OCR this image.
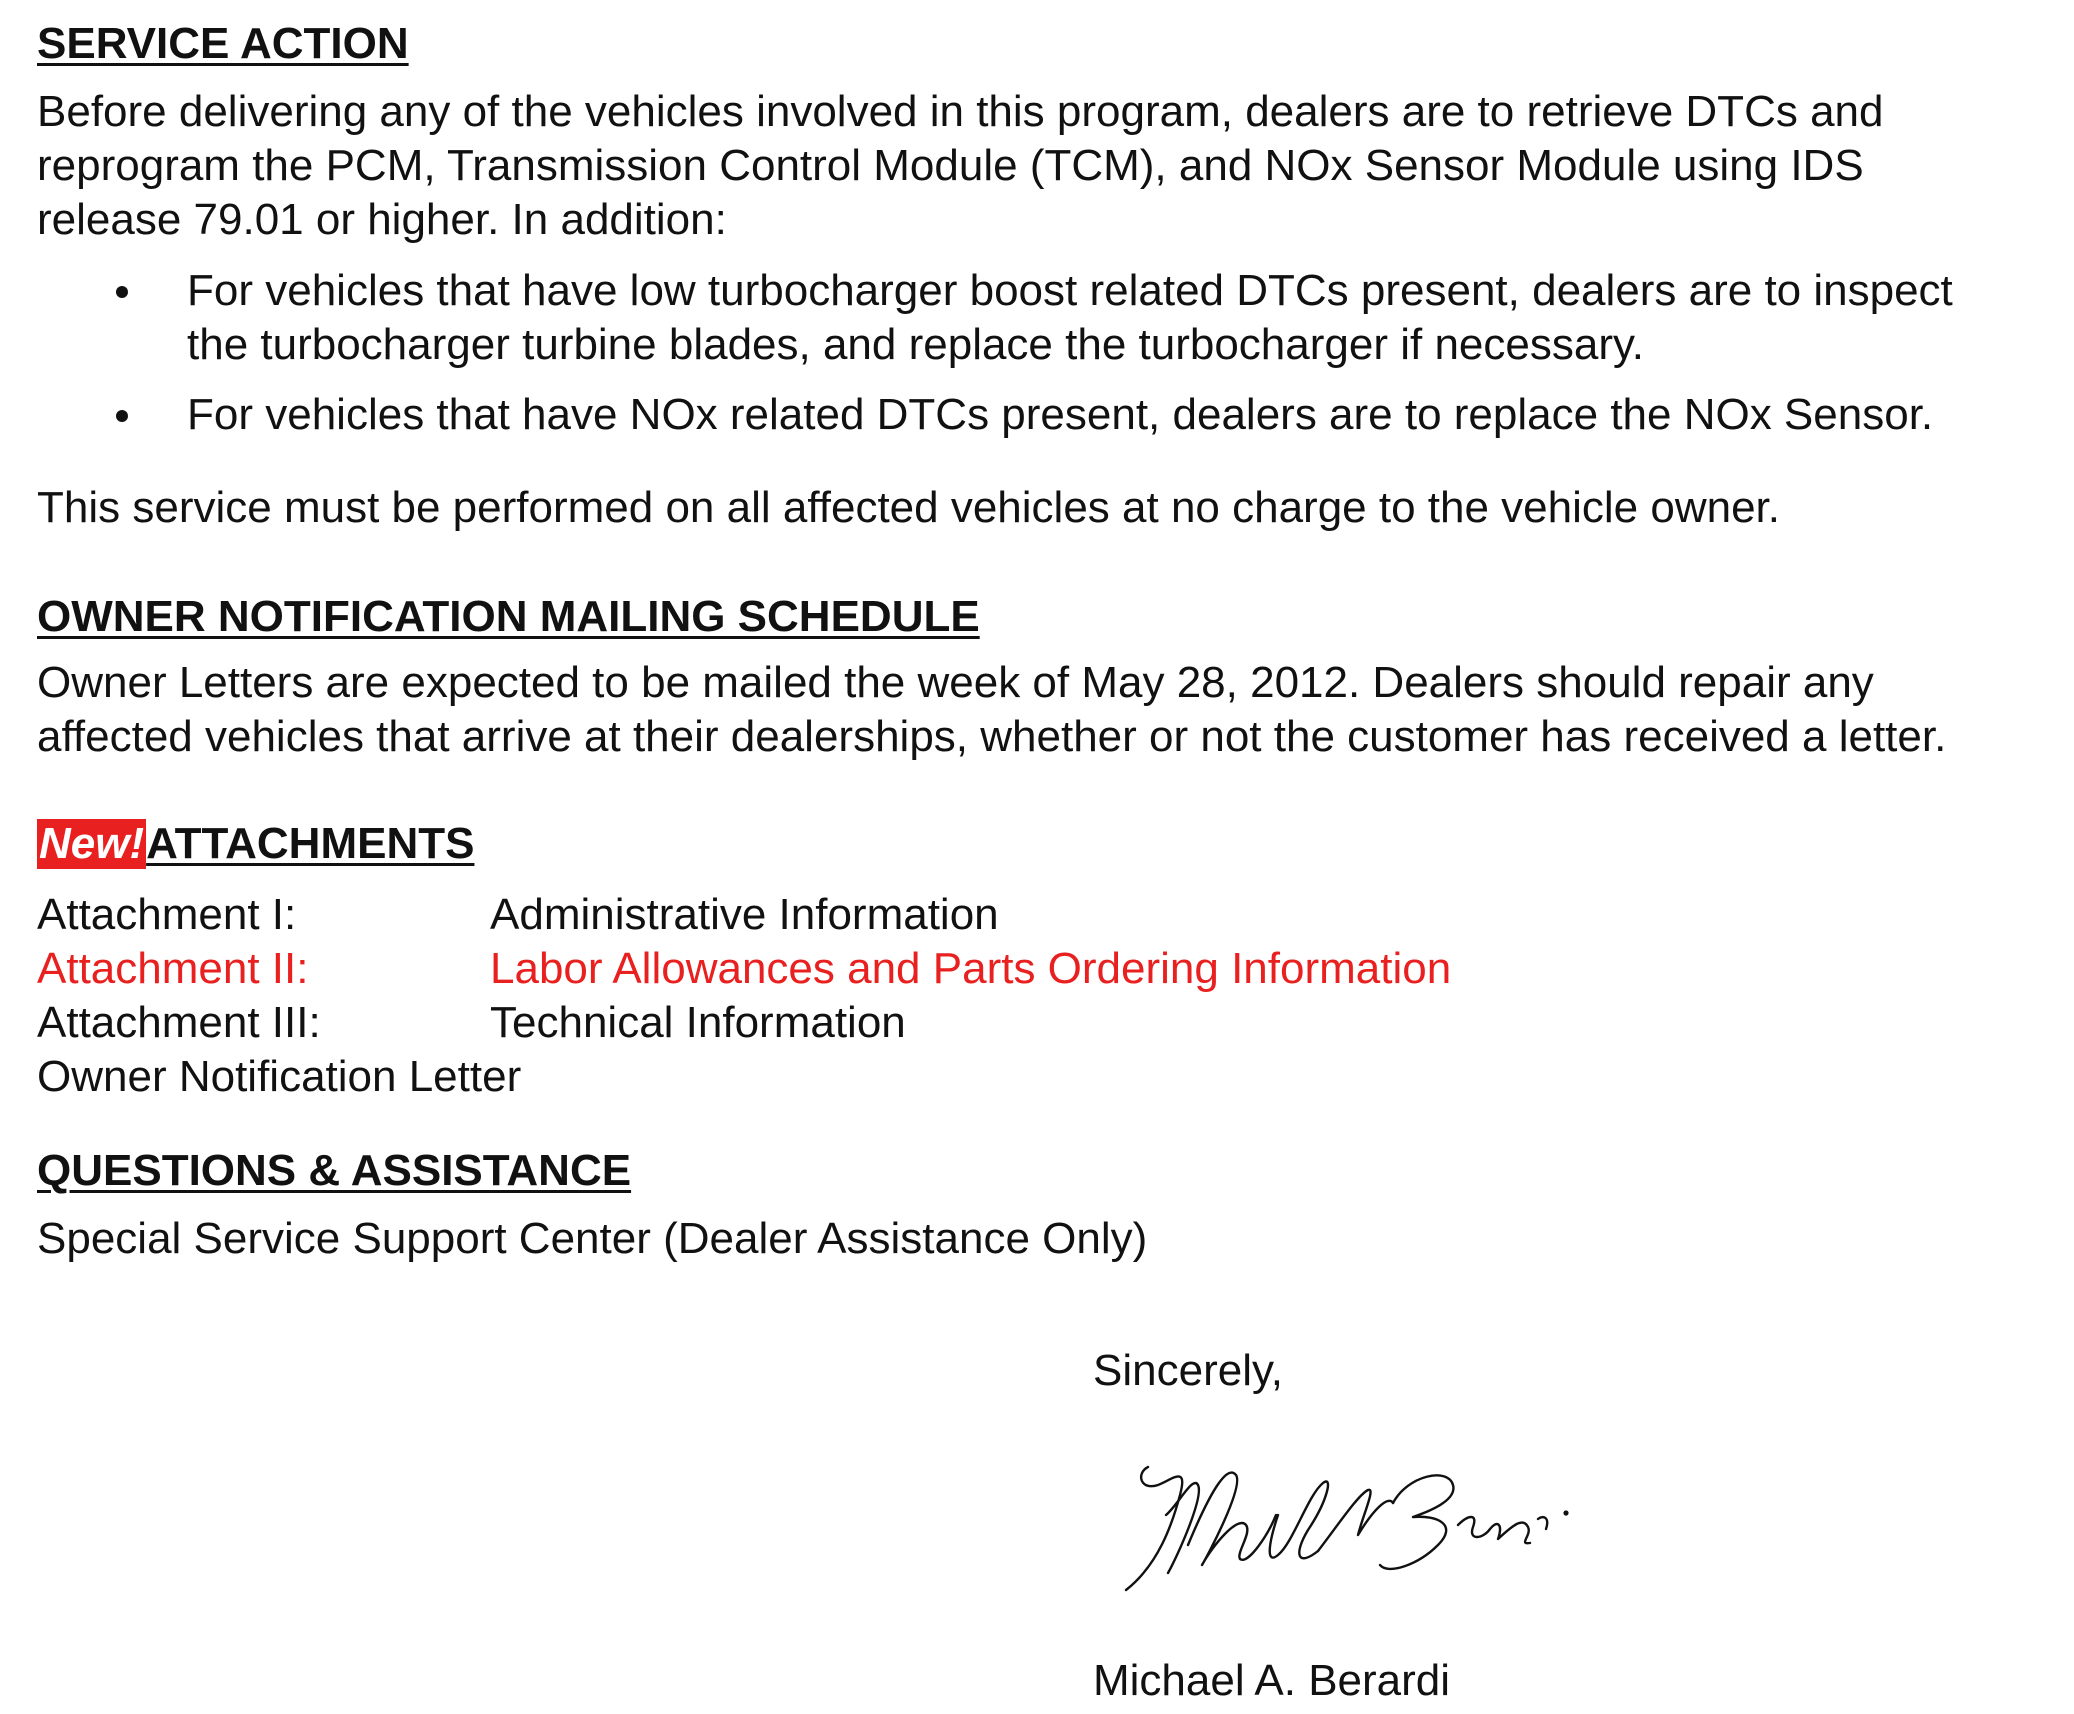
SERVICE ACTION

Before delivering any of the vehicles involved in this program, dealers are to retrieve DTCs and

reprogram the PCM, Transmission Control Module (TCM), and NOx Sensor Module using IDS

release 79.01 or higher. In addition:

For vehicles that have low turbocharger boost related DTCs present, dealers are to inspect
the turbocharger turbine blades, and replace the turbocharger if necessary.
For vehicles that have NOx related DTCs present, dealers are to replace the NOx Sensor.

This service must be performed on all affected vehicles at no charge to the vehicle owner.

OWNER NOTIFICATION MAILING SCHEDULE

Owner Letters are expected to be mailed the week of May 28, 2012. Dealers should repair any

affected vehicles that arrive at their dealerships, whether or not the customer has received a letter.

New!ATTACHMENTS
Attachment I:	Administrative Information
Attachment II:	Labor Allowances and Parts Ordering Information
Attachment III:	Technical Information

Owner Notification Letter

QUESTIONS & ASSISTANCE

Special Service Support Center (Dealer Assistance Only)

Sincerely,

Michael A. Berardi
